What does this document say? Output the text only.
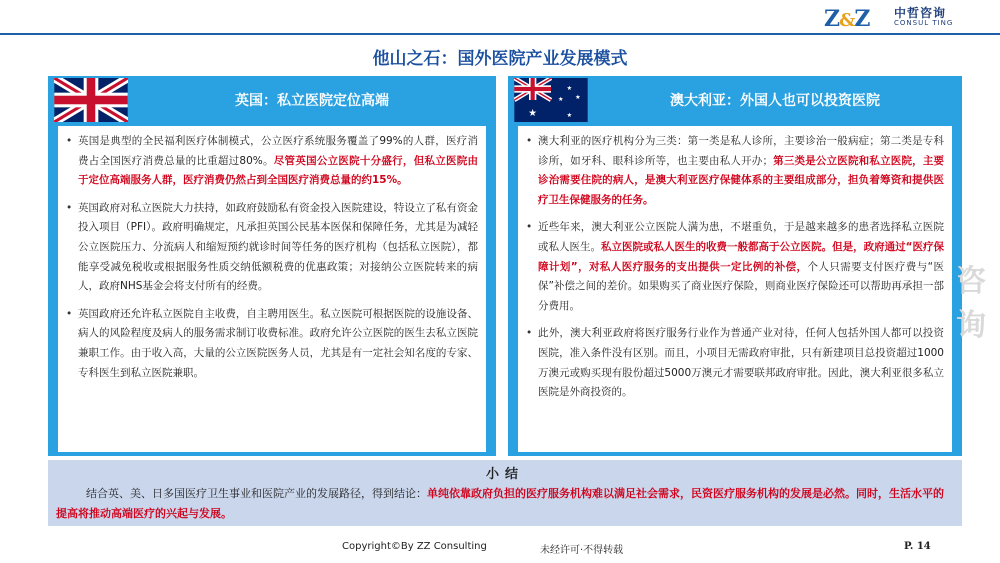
Z&Z 中哲咨询
CONSUL TING
他山之石：国外医院产业发展模式
英国：私立医院定位高端
• 英国是典型的全民福利医疗体制模式，公立医疗系统服务覆盖了99%的人群，医疗消费占全国医疗消费总量的比重超过80%。尽管英国公立医院十分盛行，但私立医院由于定位高端服务人群，医疗消费仍然占到全国医疗消费总量的约15%。
• 英国政府对私立医院大力扶持，如政府鼓励私有资金投入医院建设，特设立了私有资金投入项目（PFI）。政府明确规定，凡承担英国公民基本医保和保障任务，尤其是为减轻公立医院压力、分流病人和缩短预约就诊时间等任务的医疗机构（包括私立医院），都能享受减免税收或根据服务性质交纳低额税费的优惠政策；对接纳公立医院转来的病人，政府NHS基金会将支付所有的经费。
• 英国政府还允许私立医院自主收费，自主聘用医生。私立医院可根据医院的设施设备、病人的风险程度及病人的服务需求制订收费标准。政府允许公立医院的医生去私立医院兼职工作。由于收入高，大量的公立医院医务人员，尤其是有一定社会知名度的专家、专科医生到私立医院兼职。
★
★
★ ★
★
澳大利亚：外国人也可以投资医院
• 澳大利亚的医疗机构分为三类：第一类是私人诊所，主要诊治一般病症；第二类是专科诊所，如牙科、眼科诊所等，也主要由私人开办；第三类是公立医院和私立医院，主要诊治需要住院的病人，是澳大利亚医疗保健体系的主要组成部分，担负着筹资和提供医疗卫生保健服务的任务。
• 近些年来，澳大利亚公立医院人满为患，不堪重负，于是越来越多的患者选择私立医院或私人医生。私立医院或私人医生的收费一般都高于公立医院。但是，政府通过“医疗保障计划”，对私人医疗服务的支出提供一定比例的补偿，个人只需要支付医疗费与“医保”补偿之间的差价。如果购买了商业医疗保险，则商业医疗保险还可以帮助再承担一部分费用。
• 此外，澳大利亚政府将医疗服务行业作为普通产业对待，任何人包括外国人都可以投资医院，准入条件没有区别。而且，小项目无需政府审批，只有新建项目总投资超过1000万澳元或购买现有股份超过5000万澳元才需要联邦政府审批。因此，澳大利亚很多私立医院是外商投资的。
咨询
小结
结合英、美、日多国医疗卫生事业和医院产业的发展路径，得到结论：单纯依靠政府负担的医疗服务机构难以满足社会需求，民资医疗服务机构的发展是必然。同时，生活水平的提高将推动高端医疗的兴起与发展。
Copyright©By ZZ Consulting	未经许可·不得转载	P. 14
